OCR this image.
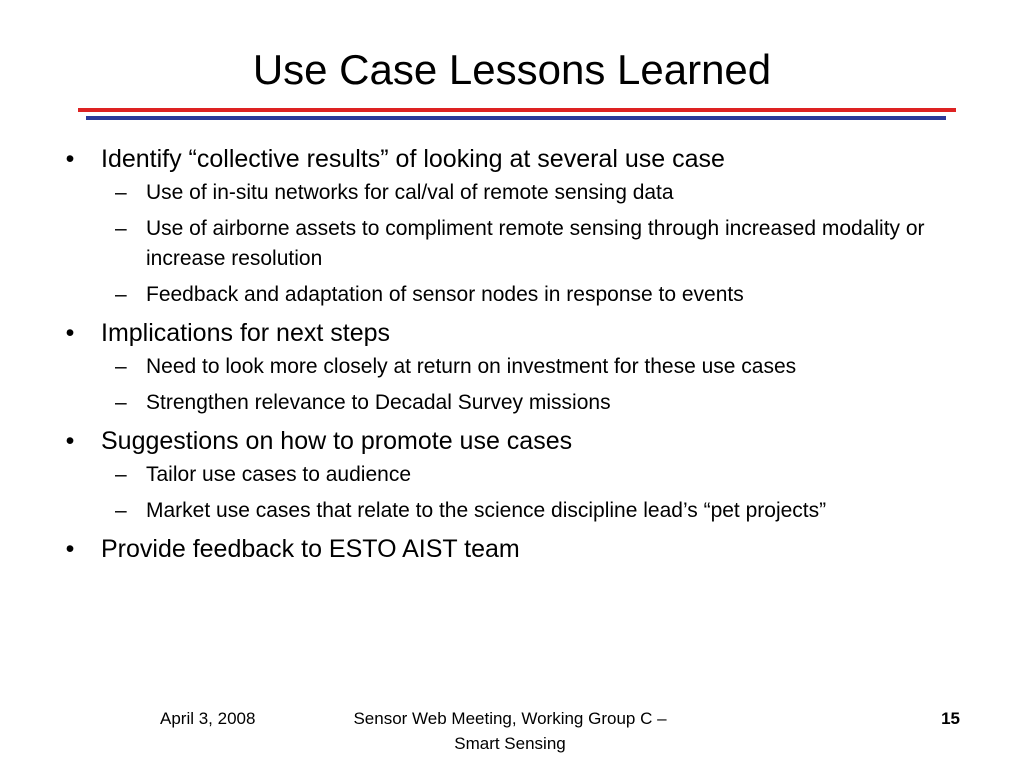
Use Case Lessons Learned
• Identify “collective results” of looking at several use case
– Use of in-situ networks for cal/val of remote sensing data
– Use of airborne assets to compliment remote sensing through increased modality or increase resolution
– Feedback and adaptation of sensor nodes in response to events
• Implications for next steps
– Need to look more closely at return on investment for these use cases
– Strengthen relevance to Decadal Survey missions
• Suggestions on how to promote use cases
– Tailor use cases to audience
– Market use cases that relate to the science discipline lead’s “pet projects”
• Provide feedback to ESTO AIST team
April 3, 2008	Sensor Web Meeting, Working Group C –
Smart Sensing
15
